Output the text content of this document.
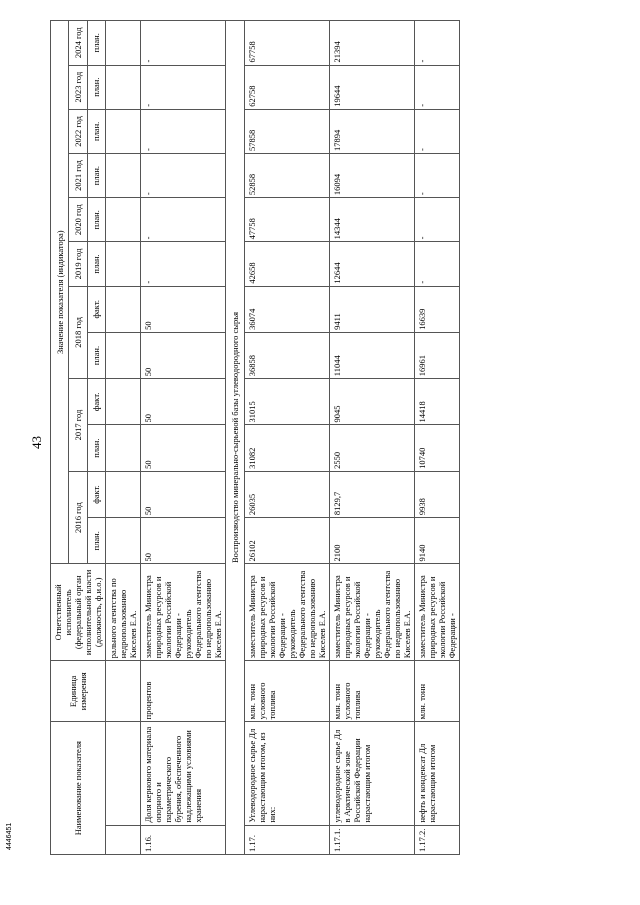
43
Наименование показателя		Единица измерения	Ответственный исполнитель (федеральный орган исполнительной власти (должность, ф.и.о.)	Значение показателя (индикатора)											
				2016 год		2017 год		2018 год		2019 год	2020 год	2021 год	2022 год	2023 год	2024 год
				план.	факт.	план.	факт.	план.	факт.	план.	план.	план.	план.	план.	план.
			рального агентства по недропользованию Киселев Е.А.												
1.16.	Доля кернового материала опорного и параметрического бурения, обеспеченного надлежащими условиями хранения	процентов	заместитель Министра природных ресурсов и экологии Российской Федерации - руководитель Федерального агентства по недропользованию Киселев Е.А.	50	50	50	50	50	50	-	-	-	-	-	-
Воспроизводство минерально-сырьевой базы углеводородного сырья															
1.17.	Углеводородное сырье Дл нарастающим итогом, из них:	млн. тонн условного топлива	заместитель Министра природных ресурсов и экологии Российской Федерации - руководитель Федерального агентства по недропользованию Киселев Е.А.	26102	26035	31082	31015	36858	36074	42658	47758	52858	57858	62758	67758
1.17.1.	углеводородное сырье Дл в Арктической зоне Российской Федерации нарастающим итогом	млн. тонн условного топлива	заместитель Министра природных ресурсов и экологии Российской Федерации - руководитель Федерального агентства по недропользованию Киселев Е.А.	2100	8129,7	2550	9045	11044	9411	12644	14344	16094	17894	19644	21394
1.17.2.	нефть и конденсат Дл нарастающим итогом	млн. тонн	заместитель Министра природных ресурсов и экологии Российской Федерации -	9140	9938	10740	14418	16961	16639	-	-	-	-	-	-
4446451
